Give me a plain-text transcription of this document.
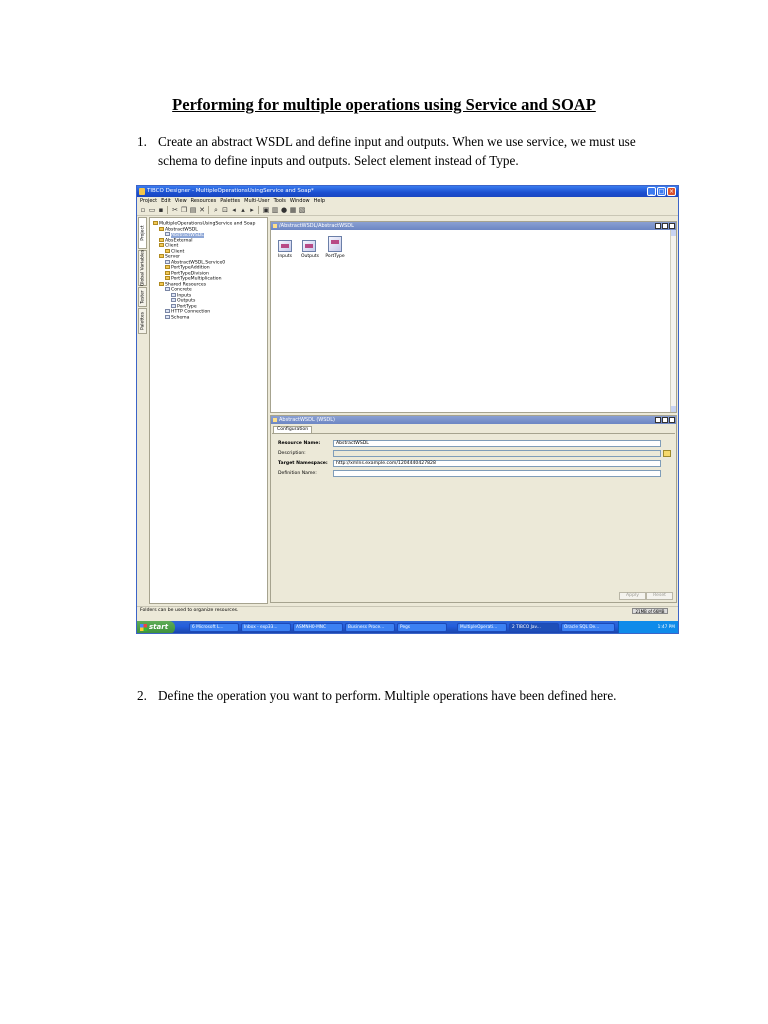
Performing for multiple operations using Service and SOAP
1. Create an abstract WSDL and define input and outputs. When we use service, we must use schema to define inputs and outputs. Select element instead of Type.
TIBCO Designer - MultipleOperationsUsingService and Soap*	_ □ ×
Project Edit View Resources Palettes Multi-User Tools Window Help
▫ ▭ ▪ ✂ ❐ ▤ ✕ ⌕ ⊡ ◂ ▴ ▸	▣ ▥ ● ▦ ▧
Project
Global Variables
Tester
Palettes
MultipleOperationsUsingService and Soap
AbstractWSDL
AbstractWSDL
AbsExternal
Client
Client
Server
AbstractWSDL.Service0
PortTypeAddition
PortTypeDivision
PortTypeMultiplication
Shared Resources
Concrete
Inputs
Outputs
PortType
HTTP Connection
Schema
/AbstractWSDL/AbstractWSDL
Inputs Outputs PortType
AbstractWSDL (WSDL)
Configuration
Resource Name:	AbstractWSDL
Description:
Target Namespace:	http://xmlns.example.com/1204440427828
Definition Name:
Apply	Reset
Folders can be used to organize resources.	21MB of 66MB
start	6 Microsoft L...	Inbox - exp33...	ASMNH0-MNC	Business Proce...	Pegs	MultipleOperati...	2 TIBCO Jav...	Oracle SQL De...	1:47 PM
2. Define the operation you want to perform. Multiple operations have been defined here.
